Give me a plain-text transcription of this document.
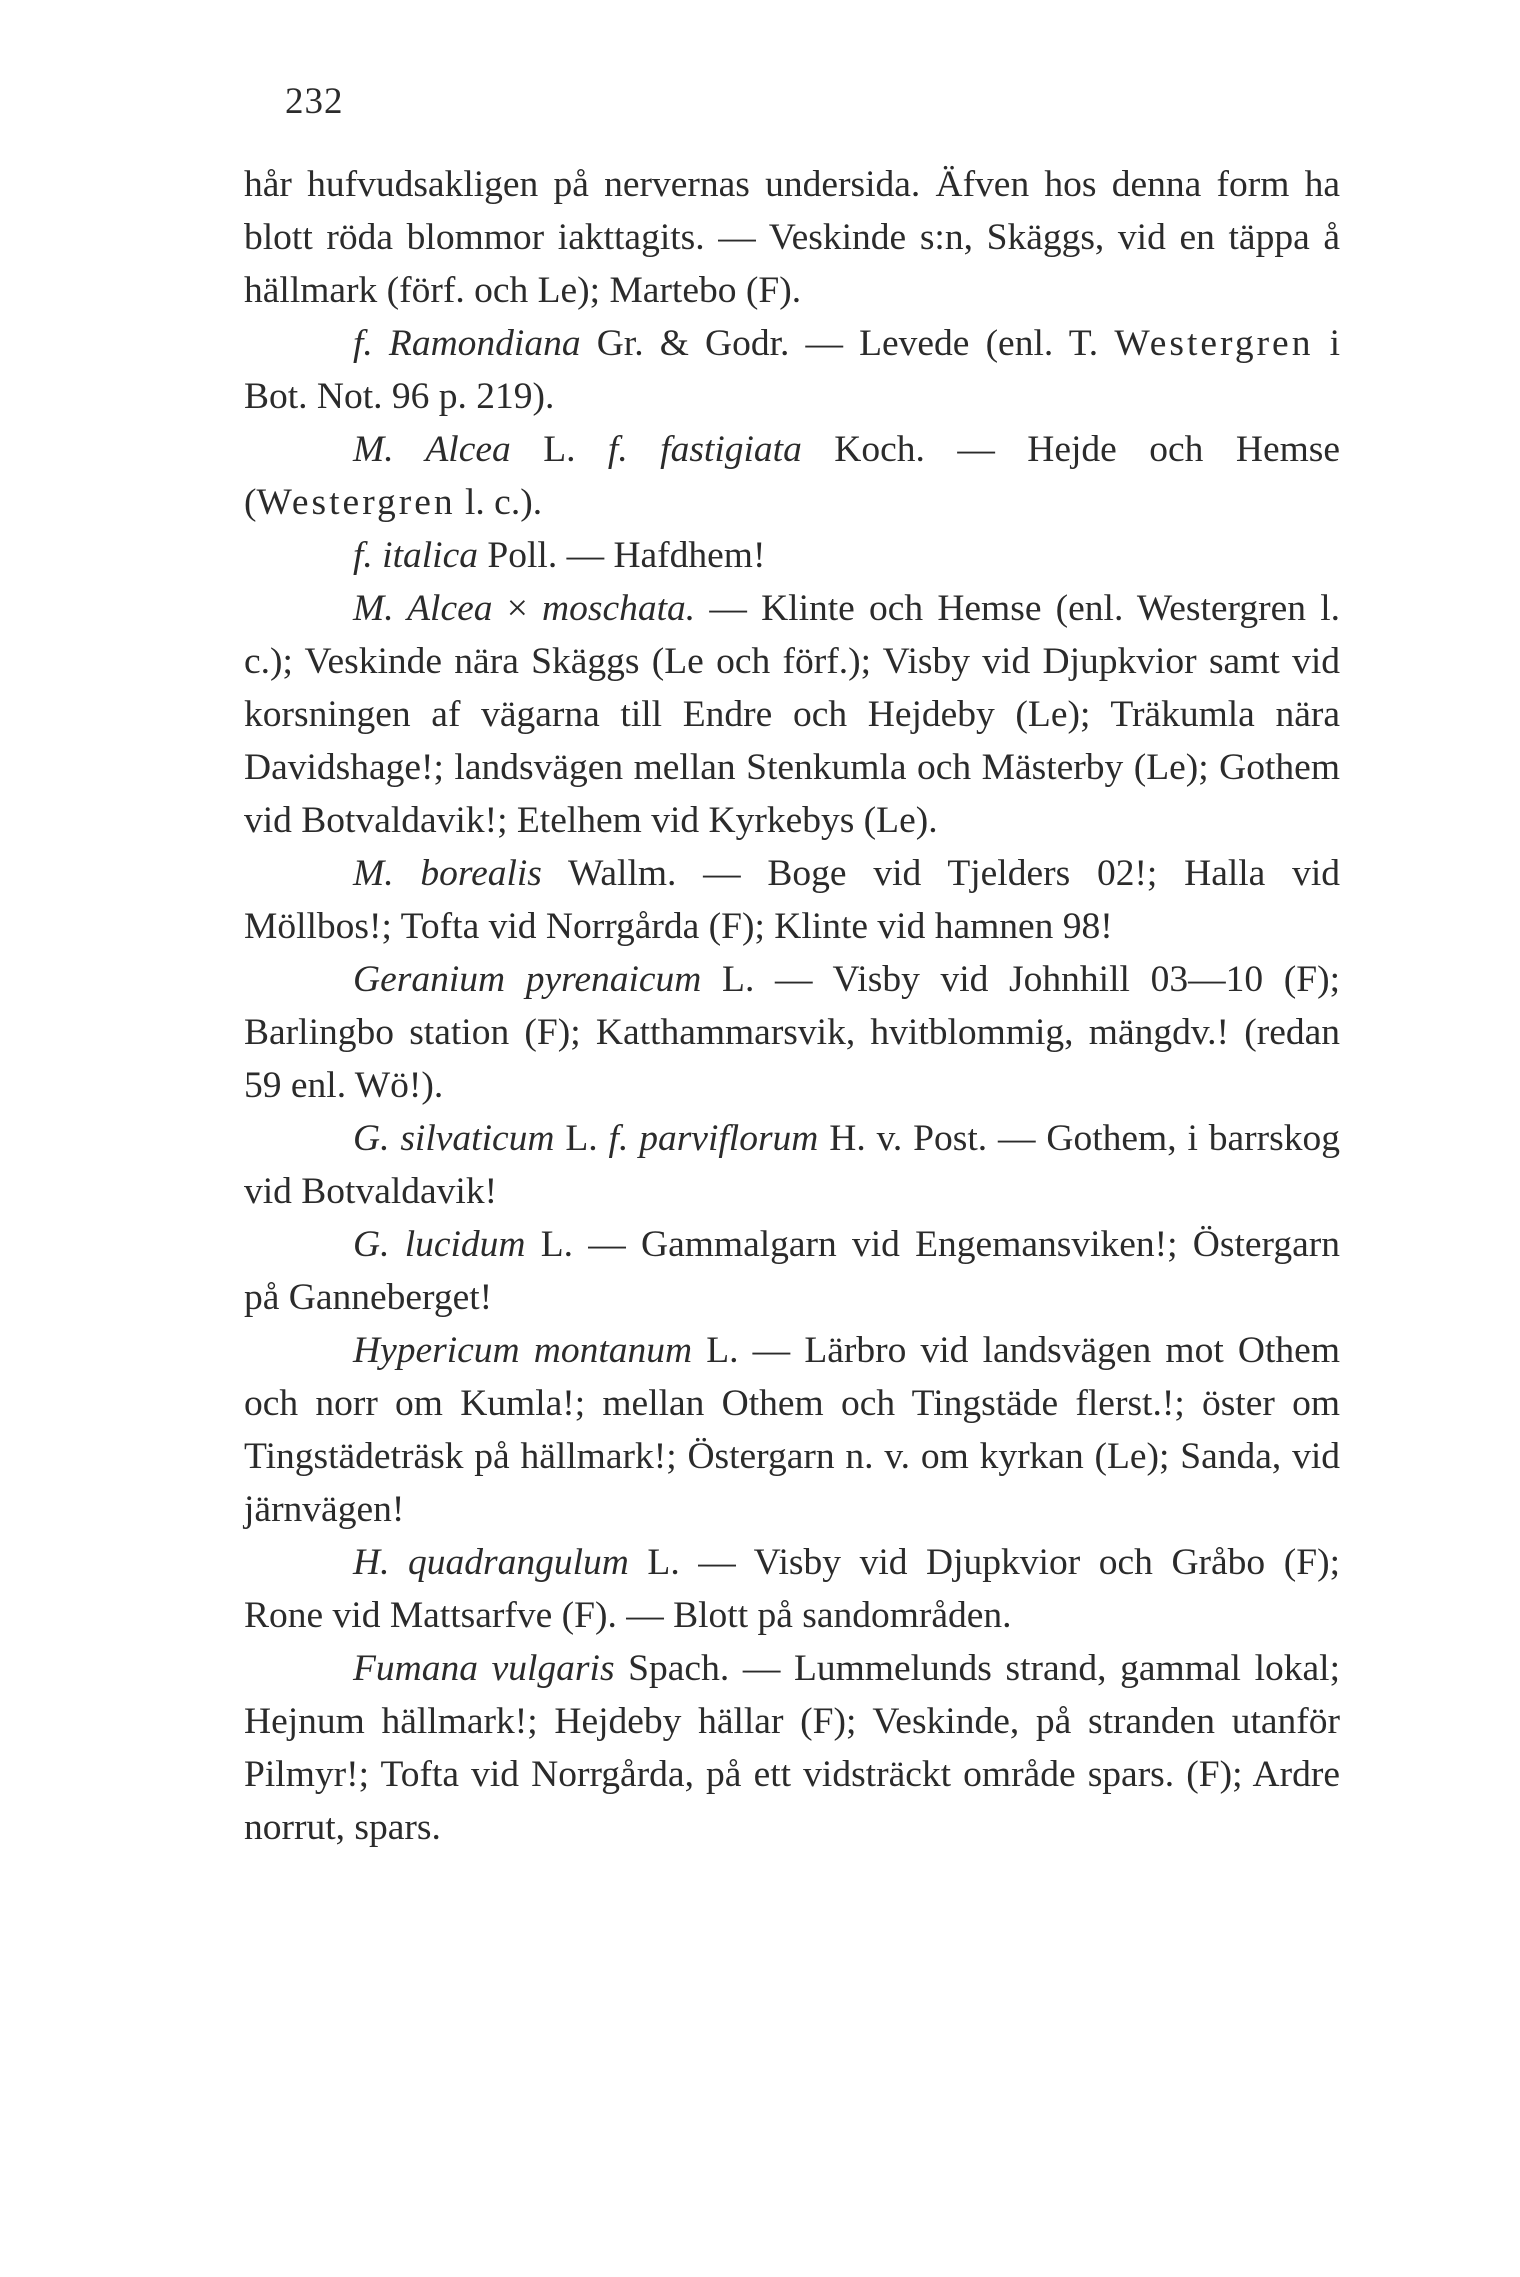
232

hår hufvudsakligen på nervernas undersida. Äfven hos denna form ha blott röda blommor iakttagits. — Veskinde s:n, Skäggs, vid en täppa å hällmark (förf. och Le); Martebo (F).

f. Ramondiana Gr. & Godr. — Levede (enl. T. Westergren i Bot. Not. 96 p. 219).

M. Alcea L. f. fastigiata Koch. — Hejde och Hemse (Westergren l. c.).

f. italica Poll. — Hafdhem!

M. Alcea × moschata. — Klinte och Hemse (enl. Westergren l. c.); Veskinde nära Skäggs (Le och förf.); Visby vid Djupkvior samt vid korsningen af vägarna till Endre och Hejdeby (Le); Träkumla nära Davidshage!; landsvägen mellan Stenkumla och Mästerby (Le); Gothem vid Botvaldavik!; Etelhem vid Kyrkebys (Le).

M. borealis Wallm. — Boge vid Tjelders 02!; Halla vid Möllbos!; Tofta vid Norrgårda (F); Klinte vid hamnen 98!

Geranium pyrenaicum L. — Visby vid Johnhill 03—10 (F); Barlingbo station (F); Katthammarsvik, hvitblommig, mängdv.! (redan 59 enl. Wö!).

G. silvaticum L. f. parviflorum H. v. Post. — Gothem, i barrskog vid Botvaldavik!

G. lucidum L. — Gammalgarn vid Engemansviken!; Östergarn på Ganneberget!

Hypericum montanum L. — Lärbro vid landsvägen mot Othem och norr om Kumla!; mellan Othem och Tingstäde flerst.!; öster om Tingstädeträsk på hällmark!; Östergarn n. v. om kyrkan (Le); Sanda, vid järnvägen!

H. quadrangulum L. — Visby vid Djupkvior och Gråbo (F); Rone vid Mattsarfve (F). — Blott på sandområden.

Fumana vulgaris Spach. — Lummelunds strand, gammal lokal; Hejnum hällmark!; Hejdeby hällar (F); Veskinde, på stranden utanför Pilmyr!; Tofta vid Norrgårda, på ett vidsträckt område spars. (F); Ardre norrut, spars.
